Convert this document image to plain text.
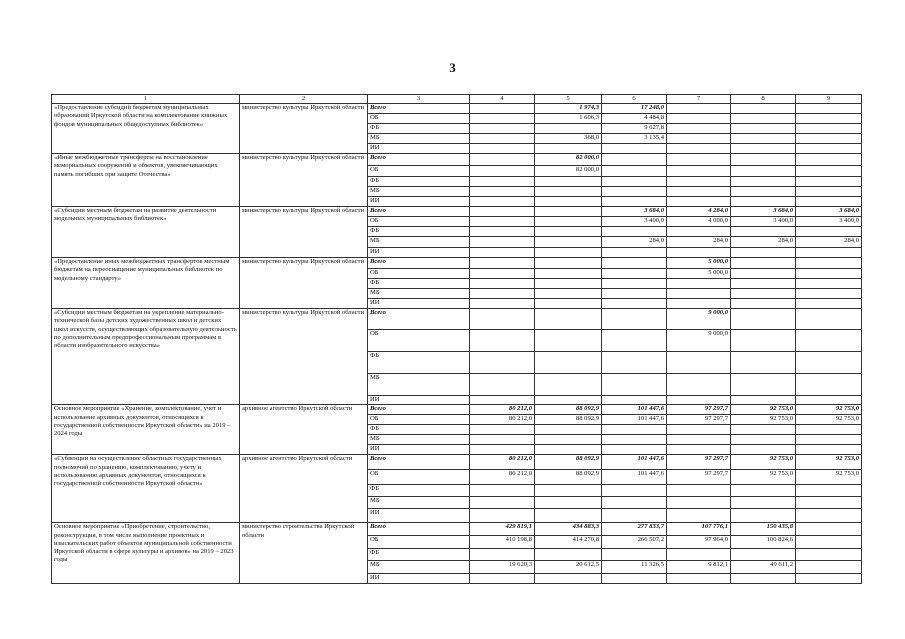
3
1	2	3	4	5	6	7	8	9
«Предоставление субсидий бюджетам муниципальных образований Иркутской области на комплектование книжных фондов муниципальных общедоступных библиотек»	министерство культуры Иркутской области	Всего		1 974,3	17 248,0			
		ОБ		1 606,3	4 484,8			
		ФБ			9 627,8			
		МБ		368,0	3 135,4			
		ИИ						
«Иные межбюджетные трансферты на восстановление мемориальных сооружений и объектов, увековечивающих память погибших при защите Отечества»	министерство культуры Иркутской области	Всего		82 000,0				
		ОБ		82 000,0				
		ФБ						
		МБ						
		ИИ						
«Субсидии местным бюджетам на развитие деятельности модельных муниципальных библиотек»	министерство культуры Иркутской области	Всего			3 684,0	4 284,0	3 684,0	3 684,0
		ОБ			3 400,0	4 000,0	3 400,0	3 400,0
		ФБ						
		МБ			284,0	284,0	284,0	284,0
		ИИ						
«Предоставление иных межбюджетных трансфертов местным бюджетам на переоснащение муниципальных библиотек по модельному стандарту»	министерство культуры Иркутской области	Всего				5 000,0		
		ОБ				5 000,0		
		ФБ						
		МБ						
		ИИ						
«Субсидии местным бюджетам на укрепление материально-технической базы детских художественных школ и детских школ искусств, осуществляющих образовательную деятельность по дополнительным предпрофессиональным программам в области изобразительного искусства»	министерство культуры Иркутской области	Всего				9 000,0		
		ОБ				9 000,0		
		ФБ						
		МБ						
		ИИ						
Основное мероприятие «Хранение, комплектование, учет и использование архивных документов, относящихся к государственной собственности Иркутской области» на 2019 – 2024 годы	архивное агентство Иркутской области	Всего	80 212,0	88 092,9	101 447,6	97 297,7	92 753,0	92 753,0
		ОБ	80 212,0	88 092,9	101 447,6	97 297,7	92 753,0	92 753,0
		ФБ						
		МБ						
		ИИ						
«Субвенции на осуществление областных государственных полномочий по хранению, комплектованию, учету и использованию архивных документов, относящихся к государственной собственности Иркутской области»	архивное агентство Иркутской области	Всего	80 212,0	88 092,9	101 447,6	97 297,7	92 753,0	92 753,0
		ОБ	80 212,0	88 092,9	101 447,6	97 297,7	92 753,0	92 753,0
		ФБ						
		МБ						
		ИИ						
Основное мероприятие «Приобретение, строительство, реконструкция, в том числе выполнение проектных и изыскательских работ объектов муниципальной собственности Иркутской области в сфере культуры и архивов» на 2019 – 2023 годы	министерство строительства Иркутской области	Всего	429 819,1	434 883,3	277 833,7	107 776,1	150 435,8	
		ОБ	410 198,8	414 270,8	266 507,2	97 964,0	100 824,6	
		ФБ						
		МБ	19 620,3	20 612,5	11 326,5	9 812,1	49 611,2	
		ИИ						
